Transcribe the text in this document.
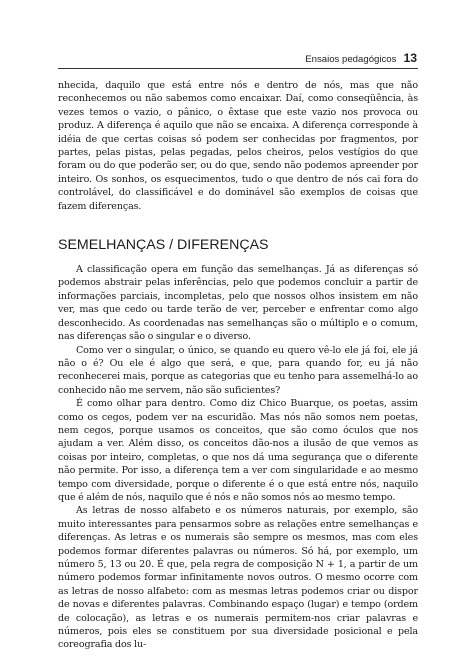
Ensaios pedagógicos 13

nhecida, daquilo que está entre nós e dentro de nós, mas que não reconhecemos ou não sabemos como encaixar. Daí, como conseqüência, às vezes temos o vazio, o pânico, o êxtase que este vazio nos provoca ou produz. A diferença é aquilo que não se encaixa. A diferença corresponde à idéia de que certas coisas só podem ser conhecidas por fragmentos, por partes, pelas pistas, pelas pegadas, pelos cheiros, pelos vestígios do que foram ou do que poderão ser, ou do que, sendo não podemos apreender por inteiro. Os sonhos, os esquecimentos, tudo o que dentro de nós cai fora do controlável, do classificável e do dominável são exemplos de coisas que fazem diferenças.

SEMELHANÇAS / DIFERENÇAS

A classificação opera em função das semelhanças. Já as diferenças só podemos abstrair pelas inferências, pelo que podemos concluir a partir de informações parciais, incompletas, pelo que nossos olhos insistem em não ver, mas que cedo ou tarde terão de ver, perceber e enfrentar como algo desconhecido. As coordenadas nas semelhanças são o múltiplo e o comum, nas diferenças são o singular e o diverso.

Como ver o singular, o único, se quando eu quero vê-lo ele já foi, ele já não o é? Ou ele é algo que será, e que, para quando for, eu já não reconhecerei mais, porque as categorias que eu tenho para assemelhá-lo ao conhecido não me servem, não são suficientes?

É como olhar para dentro. Como diz Chico Buarque, os poetas, assim como os cegos, podem ver na escuridão. Mas nós não somos nem poetas, nem cegos, porque usamos os conceitos, que são como óculos que nos ajudam a ver. Além disso, os conceitos dão-nos a ilusão de que vemos as coisas por inteiro, completas, o que nos dá uma segurança que o diferente não permite. Por isso, a diferença tem a ver com singularidade e ao mesmo tempo com diversidade, porque o diferente é o que está entre nós, naquilo que é além de nós, naquilo que é nós e não somos nós ao mesmo tempo.

As letras de nosso alfabeto e os números naturais, por exemplo, são muito interessantes para pensarmos sobre as relações entre semelhanças e diferenças. As letras e os numerais são sempre os mesmos, mas com eles podemos formar diferentes palavras ou números. Só há, por exemplo, um número 5, 13 ou 20. É que, pela regra de composição N + 1, a partir de um número podemos formar infinitamente novos outros. O mesmo ocorre com as letras de nosso alfabeto: com as mesmas letras podemos criar ou dispor de novas e diferentes palavras. Combinando espaço (lugar) e tempo (ordem de colocação), as letras e os numerais permitem-nos criar palavras e números, pois eles se constituem por sua diversidade posicional e pela coreografia dos lu-
